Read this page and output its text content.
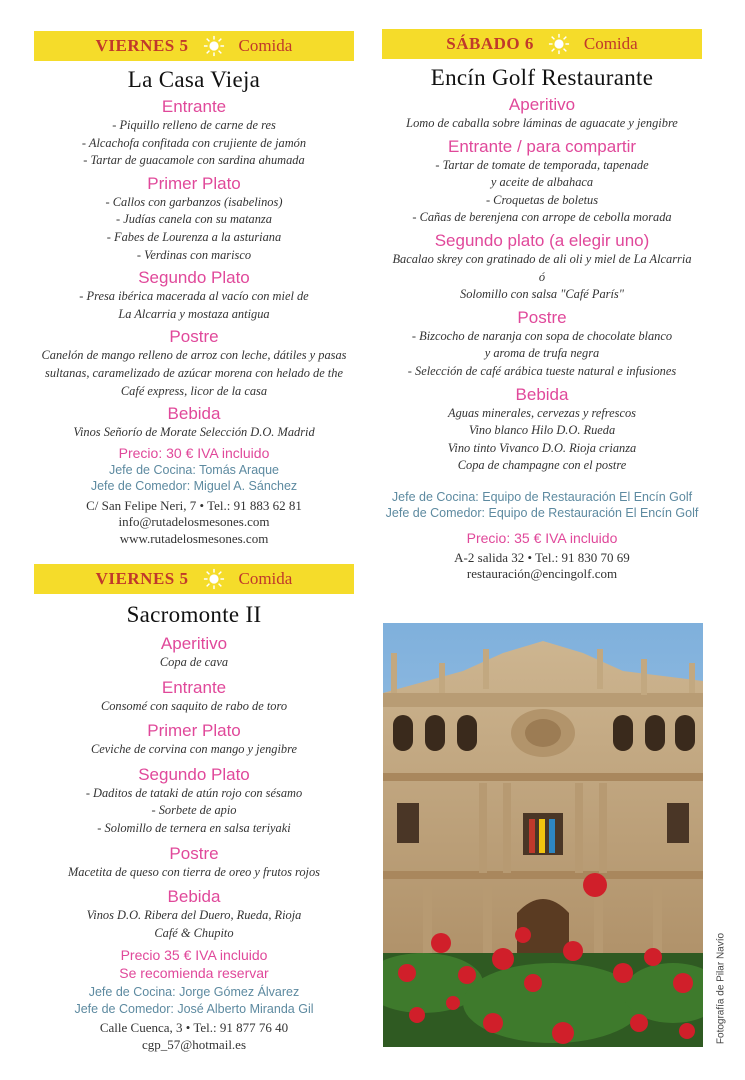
VIERNES 5	Comida
La Casa Vieja
Entrante
- Piquillo relleno de carne de res
- Alcachofa confitada con crujiente de jamón
- Tartar de guacamole con sardina ahumada
Primer Plato
- Callos con garbanzos (isabelinos)
- Judías canela con su matanza
- Fabes de Lourenza a la asturiana
- Verdinas con marisco
Segundo Plato
- Presa ibérica macerada al vacío con miel de
La Alcarria y mostaza antigua
Postre
Canelón de mango relleno de arroz con leche, dátiles y pasas
sultanas, caramelizado de azúcar morena con helado de the
Café express, licor de la casa
Bebida
Vinos Señorío de Morate Selección D.O. Madrid
Precio: 30 € IVA incluido
Jefe de Cocina: Tomás Araque
Jefe de Comedor: Miguel A. Sánchez
C/ San Felipe Neri, 7 • Tel.: 91 883 62 81
info@rutadelosmesones.com
www.rutadelosmesones.com
VIERNES 5	Comida
Sacromonte II
Aperitivo
Copa de cava
Entrante
Consomé con saquito de rabo de toro
Primer Plato
Ceviche de corvina con mango y jengibre
Segundo Plato
- Daditos de tataki de atún rojo con sésamo
- Sorbete de apio
- Solomillo de ternera en salsa teriyaki
Postre
Macetita de queso con tierra de oreo y frutos rojos
Bebida
Vinos D.O. Ribera del Duero, Rueda, Rioja
Café & Chupito
Precio 35 € IVA incluido
Se recomienda reservar
Jefe de Cocina: Jorge Gómez Álvarez
Jefe de Comedor: José Alberto Miranda Gil
Calle Cuenca, 3 • Tel.: 91 877 76 40
cgp_57@hotmail.es
SÁBADO 6	Comida
Encín Golf Restaurante
Aperitivo
Lomo de caballa sobre láminas de aguacate y jengibre
Entrante / para compartir
- Tartar de tomate de temporada, tapenade
y aceite de albahaca
- Croquetas de boletus
- Cañas de berenjena con arrope de cebolla morada
Segundo plato (a elegir uno)
Bacalao skrey con gratinado de ali oli y miel de La Alcarria
ó
Solomillo con salsa "Café París"
Postre
- Bizcocho de naranja con sopa de chocolate blanco
y aroma de trufa negra
- Selección de café arábica tueste natural e infusiones
Bebida
Aguas minerales, cervezas y refrescos
Vino blanco Hilo D.O. Rueda
Vino tinto Vivanco D.O. Rioja crianza
Copa de champagne con el postre
Jefe de Cocina: Equipo de Restauración El Encín Golf
Jefe de Comedor: Equipo de Restauración El Encín Golf
Precio: 35 € IVA incluido
A-2 salida 32 • Tel.: 91 830 70 69
restauración@encingolf.com
Fotografía de Pilar Navío
